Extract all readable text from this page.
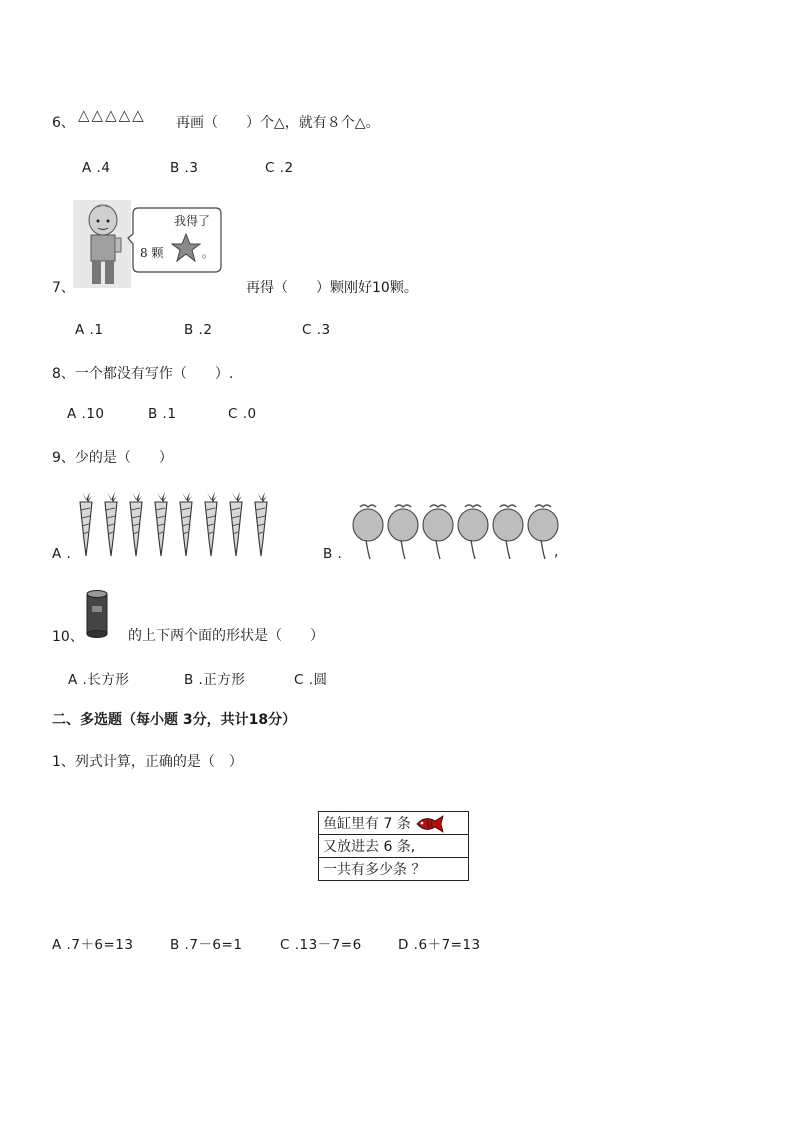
6、 △△△△△ 再画（　　）个△，就有８个△。
A .4	B .3	C .2
我得了
8 颗	。
7、	再得（　　）颗刚好10颗。
A .1	B .2	C .3
8、一个都没有写作（　　）.
A .10	B .1	C .0
9、少的是（　　）
A .	B .	,
10、	的上下两个面的形状是（　　）
A .长方形	B .正方形	C .圆
二、多选题（每小题 3分，共计18分）
1、列式计算，正确的是（　）
鱼缸里有 7 条
又放进去 6 条,
一共有多少条 ？
A .7＋6=13	B .7－6=1	C .13－7=6	D .6＋7=13
